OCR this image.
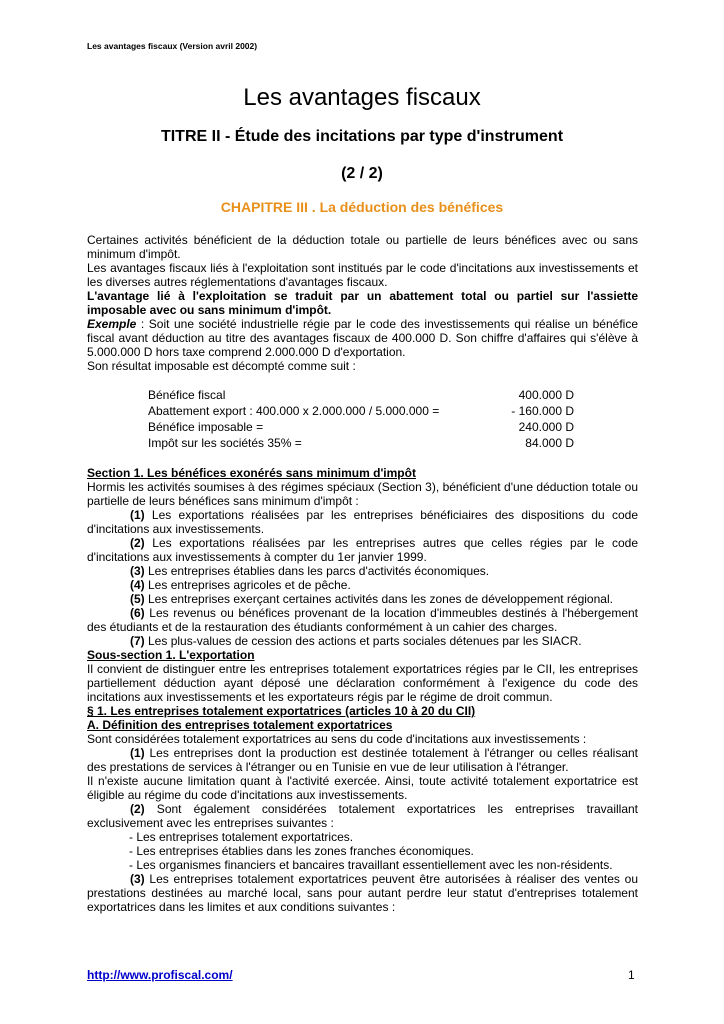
Les avantages fiscaux (Version avril 2002)
Les avantages fiscaux
TITRE II - Étude des incitations par type d'instrument
(2 / 2)
CHAPITRE III . La déduction des bénéfices

Certaines activités bénéficient de la déduction totale ou partielle de leurs bénéfices avec ou sans minimum d'impôt.

Les avantages fiscaux liés à l'exploitation sont institués par le code d'incitations aux investissements et les diverses autres réglementations d'avantages fiscaux.

L'avantage lié à l'exploitation se traduit par un abattement total ou partiel sur l'assiette imposable avec ou sans minimum d'impôt.

Exemple : Soit une société industrielle régie par le code des investissements qui réalise un bénéfice fiscal avant déduction au titre des avantages fiscaux de 400.000 D. Son chiffre d'affaires qui s'élève à 5.000.000 D hors taxe comprend 2.000.000 D d'exportation.

Son résultat imposable est décompté comme suit :

Bénéfice fiscal	400.000 D
Abattement export : 400.000 x 2.000.000 / 5.000.000 =	- 160.000 D
Bénéfice imposable =	240.000 D
Impôt sur les sociétés 35% =	84.000 D

Section 1. Les bénéfices exonérés sans minimum d'impôt

Hormis les activités soumises à des régimes spéciaux (Section 3), bénéficient d'une déduction totale ou partielle de leurs bénéfices sans minimum d'impôt :

(1) Les exportations réalisées par les entreprises bénéficiaires des dispositions du code d'incitations aux investissements.

(2) Les exportations réalisées par les entreprises autres que celles régies par le code d'incitations aux investissements à compter du 1er janvier 1999.

(3) Les entreprises établies dans les parcs d'activités économiques.

(4) Les entreprises agricoles et de pêche.

(5) Les entreprises exerçant certaines activités dans les zones de développement régional.

(6) Les revenus ou bénéfices provenant de la location d'immeubles destinés à l'hébergement des étudiants et de la restauration des étudiants conformément à un cahier des charges.

(7) Les plus-values de cession des actions et parts sociales détenues par les SIACR.

Sous-section 1. L'exportation

Il convient de distinguer entre les entreprises totalement exportatrices régies par le CII, les entreprises partiellement déduction ayant déposé une déclaration conformément à l'exigence du code des incitations aux investissements et les exportateurs régis par le régime de droit commun.

§ 1. Les entreprises totalement exportatrices (articles 10 à 20 du CII)

A. Définition des entreprises totalement exportatrices

Sont considérées totalement exportatrices au sens du code d'incitations aux investissements :

(1) Les entreprises dont la production est destinée totalement à l'étranger ou celles réalisant des prestations de services à l'étranger ou en Tunisie en vue de leur utilisation à l'étranger.

Il n'existe aucune limitation quant à l'activité exercée. Ainsi, toute activité totalement exportatrice est éligible au régime du code d'incitations aux investissements.

(2) Sont également considérées totalement exportatrices les entreprises travaillant exclusivement avec les entreprises suivantes :

- Les entreprises totalement exportatrices.

- Les entreprises établies dans les zones franches économiques.

- Les organismes financiers et bancaires travaillant essentiellement avec les non-résidents.

(3) Les entreprises totalement exportatrices peuvent être autorisées à réaliser des ventes ou prestations destinées au marché local, sans pour autant perdre leur statut d'entreprises totalement exportatrices dans les limites et aux conditions suivantes :

http://www.profiscal.com/	1
